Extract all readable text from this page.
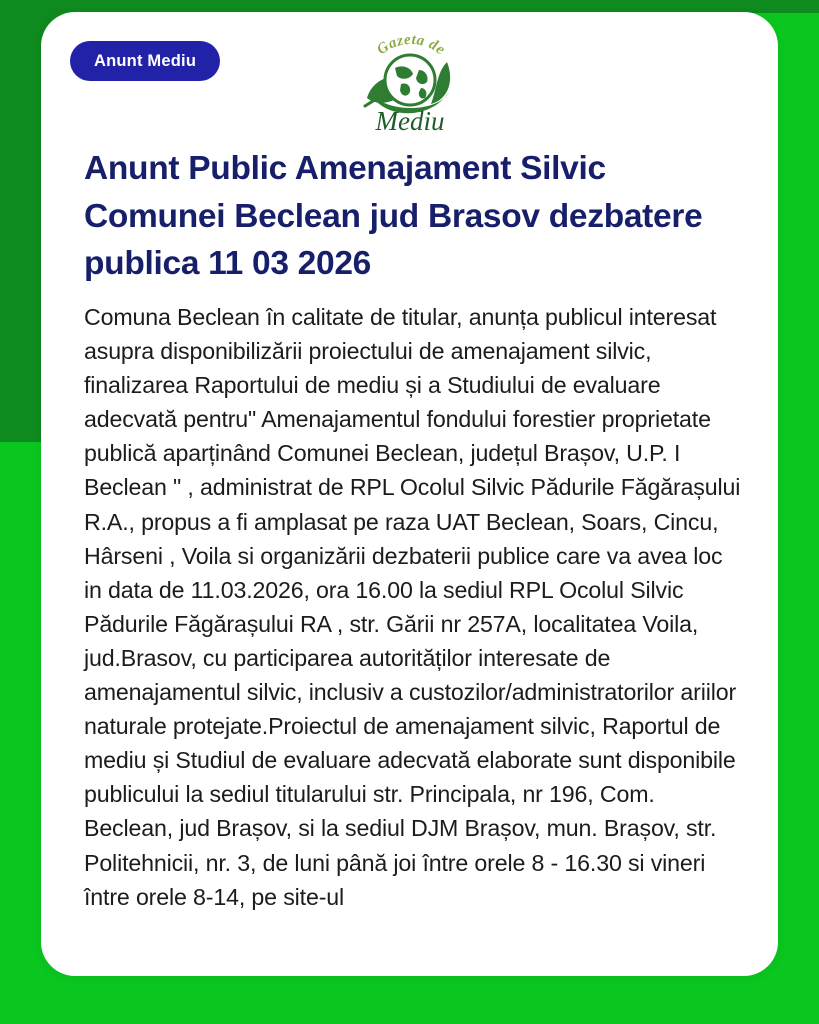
Anunt Mediu
Gazeta de
Mediu
Anunt Public Amenajament Silvic Comunei Beclean jud Brasov dezbatere publica 11 03 2026

Comuna Beclean în calitate de titular, anunța publicul interesat asupra disponibilizării proiectului de amenajament silvic, finalizarea Raportului de mediu și a Studiului de evaluare adecvată pentru" Amenajamentul fondului forestier proprietate publică aparținând Comunei Beclean, județul Brașov, U.P. I Beclean " , administrat de RPL Ocolul Silvic Pădurile Făgărașului R.A., propus a fi amplasat pe raza UAT Beclean, Soars, Cincu, Hârseni , Voila si organizării dezbaterii publice care va avea loc in data de 11.03.2026, ora 16.00 la sediul RPL Ocolul Silvic Pădurile Făgărașului RA , str. Gării nr 257A, localitatea Voila, jud.Brasov, cu participarea autorităților interesate de amenajamentul silvic, inclusiv a custozilor/administratorilor ariilor naturale protejate.Proiectul de amenajament silvic, Raportul de mediu și Studiul de evaluare adecvată elaborate sunt disponibile publicului la sediul titularului str. Principala, nr 196, Com. Beclean, jud Brașov, si la sediul DJM Brașov, mun. Brașov, str. Politehnicii, nr. 3, de luni până joi între orele 8 - 16.30 si vineri între orele 8-14, pe site-ul
